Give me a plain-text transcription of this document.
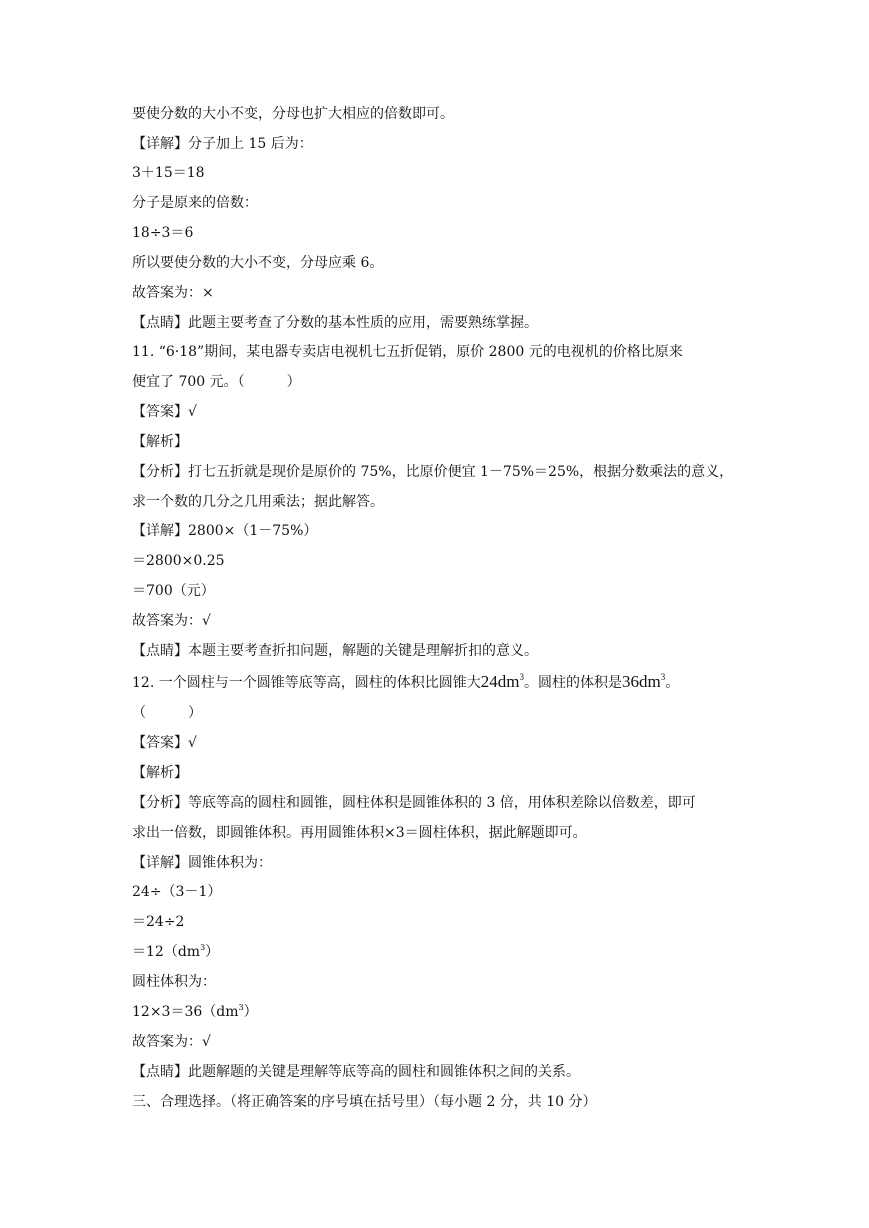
要使分数的大小不变，分母也扩大相应的倍数即可。
【详解】分子加上 15 后为：
3＋15＝18
分子是原来的倍数：
18÷3＝6
所以要使分数的大小不变，分母应乘 6。
故答案为：×
【点睛】此题主要考查了分数的基本性质的应用，需要熟练掌握。
11. “6·18”期间，某电器专卖店电视机七五折促销，原价 2800 元的电视机的价格比原来
便宜了 700 元。（　　　）
【答案】√
【解析】
【分析】打七五折就是现价是原价的 75%，比原价便宜 1－75%＝25%，根据分数乘法的意义，
求一个数的几分之几用乘法；据此解答。
【详解】2800×（1－75%）
＝2800×0.25
＝700（元）
故答案为：√
【点睛】本题主要考查折扣问题，解题的关键是理解折扣的意义。
12. 一个圆柱与一个圆锥等底等高，圆柱的体积比圆锥大$24dm^3$。圆柱的体积是$36dm^3$。
（　　　）
【答案】√
【解析】
【分析】等底等高的圆柱和圆锥，圆柱体积是圆锥体积的 3 倍，用体积差除以倍数差，即可
求出一倍数，即圆锥体积。再用圆锥体积×3＝圆柱体积，据此解题即可。
【详解】圆锥体积为：
24÷（3－1）
＝24÷2
$=12(dm^3)$
圆柱体积为：
$12\times 3=36(dm^3)$
故答案为：√
【点睛】此题解题的关键是理解等底等高的圆柱和圆锥体积之间的关系。
三、合理选择。（将正确答案的序号填在括号里）（每小题 2 分，共 10 分）
